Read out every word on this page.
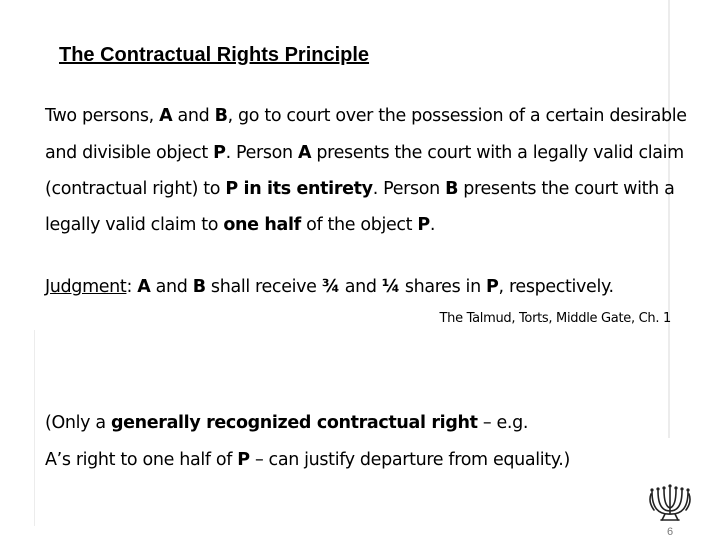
The Contractual Rights Principle
Two persons, A and B, go to court over the possession of a certain desirable
and divisible object P. Person A presents the court with a legally valid claim
(contractual right) to P in its entirety. Person B presents the court with a
legally valid claim to one half of the object P.
Judgment: A and B shall receive ¾ and ¼ shares in P, respectively.
The Talmud, Torts, Middle Gate, Ch. 1
(Only a generally recognized contractual right – e.g.
A’s right to one half of P – can justify departure from equality.)
6
